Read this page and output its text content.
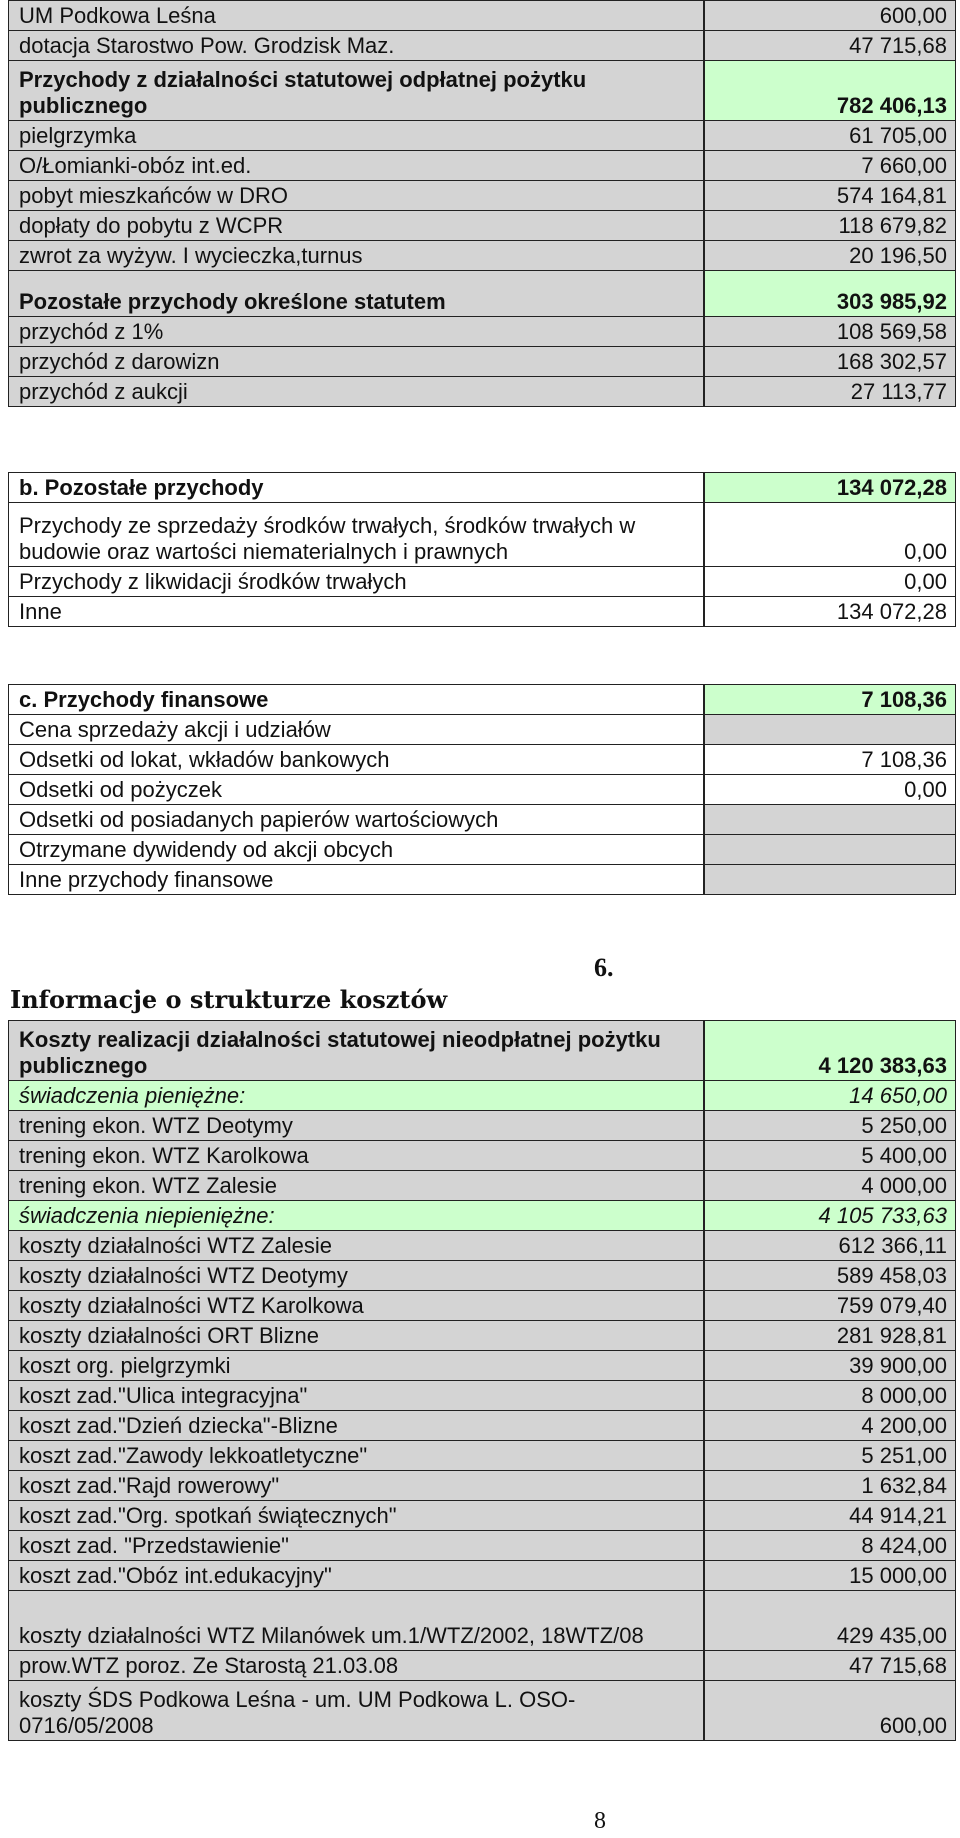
UM Podkowa Leśna	600,00
dotacja Starostwo Pow. Grodzisk Maz.	47 715,68
Przychody z działalności statutowej odpłatnej pożytku publicznego	782 406,13
pielgrzymka	61 705,00
O/Łomianki-obóz int.ed.	7 660,00
pobyt mieszkańców w DRO	574 164,81
dopłaty do pobytu z WCPR	118 679,82
zwrot za wyżyw. I wycieczka,turnus	20 196,50
Pozostałe przychody określone statutem	303 985,92
przychód z 1%	108 569,58
przychód z darowizn	168 302,57
przychód z aukcji	27 113,77
b. Pozostałe przychody	134 072,28
Przychody ze sprzedaży środków trwałych, środków trwałych w budowie oraz wartości niematerialnych i prawnych	0,00
Przychody z likwidacji środków trwałych	0,00
Inne	134 072,28
c. Przychody finansowe	7 108,36
Cena sprzedaży akcji i udziałów	
Odsetki od lokat, wkładów bankowych	7 108,36
Odsetki od pożyczek	0,00
Odsetki od posiadanych papierów wartościowych	
Otrzymane dywidendy od akcji obcych	
Inne przychody finansowe	
6.
Informacje o strukturze kosztów
Koszty realizacji działalności statutowej nieodpłatnej pożytku publicznego	4 120 383,63
świadczenia pieniężne:	14 650,00
trening ekon. WTZ Deotymy	5 250,00
trening ekon. WTZ Karolkowa	5 400,00
trening ekon. WTZ Zalesie	4 000,00
świadczenia niepieniężne:	4 105 733,63
koszty działalności WTZ Zalesie	612 366,11
koszty działalności WTZ Deotymy	589 458,03
koszty działalności WTZ Karolkowa	759 079,40
koszty działalności ORT Blizne	281 928,81
koszt org. pielgrzymki	39 900,00
koszt zad."Ulica integracyjna"	8 000,00
koszt zad."Dzień dziecka"-Blizne	4 200,00
koszt zad."Zawody lekkoatletyczne"	5 251,00
koszt zad."Rajd rowerowy"	1 632,84
koszt zad."Org. spotkań świątecznych"	44 914,21
koszt zad. "Przedstawienie"	8 424,00
koszt zad."Obóz int.edukacyjny"	15 000,00
koszty działalności WTZ Milanówek um.1/WTZ/2002, 18WTZ/08	429 435,00
prow.WTZ poroz. Ze Starostą 21.03.08	47 715,68
koszty ŚDS Podkowa Leśna - um. UM Podkowa L. OSO-0716/05/2008	600,00
8
